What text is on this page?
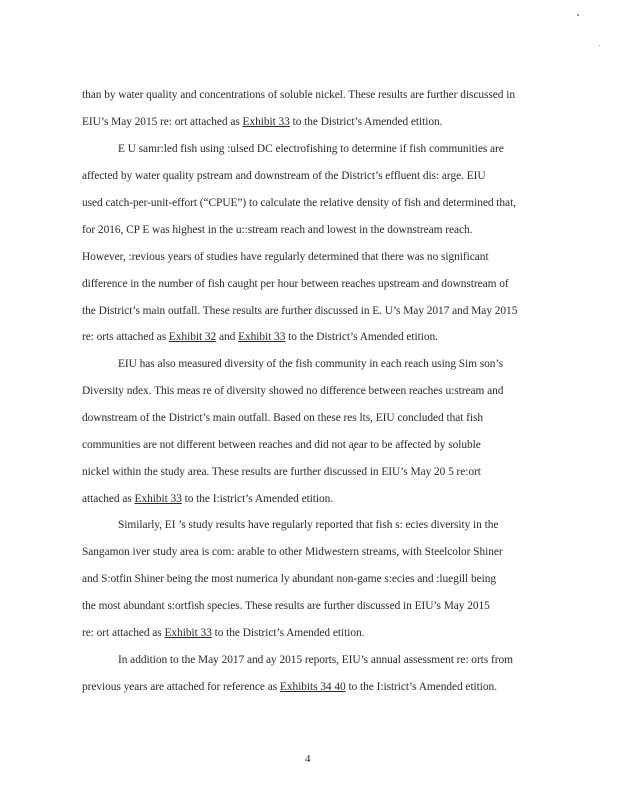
than by water quality and concentrations of soluble nickel. These results are further discussed in
EIU’s May 2015 re: ort attached as Exhibit 33 to the District’s Amended etition.
E U samr:led fish using :ulsed DC electrofishing to determine if fish communities are
affected by water quality pstream and downstream of the District’s effluent dis: arge. EIU
used catch-per-unit-effort (“CPUE”) to calculate the relative density of fish and determined that,
for 2016, CP E was highest in the u::stream reach and lowest in the downstream reach.
However, :revious years of studies have regularly determined that there was no significant
difference in the number of fish caught per hour between reaches upstream and downstream of
the District’s main outfall. These results are further discussed in E. U’s May 2017 and May 2015
re: orts attached as Exhibit 32 and Exhibit 33 to the District’s Amended etition.
EIU has also measured diversity of the fish community in each reach using Sim son’s
Diversity ndex. This meas re of diversity showed no difference between reaches u:stream and
downstream of the District’s main outfall. Based on these res lts, EIU concluded that fish
communities are not different between reaches and did not a̧̧ear to be affected by soluble
nickel within the study area. These results are further discussed in EIU’s May 20 5 re:ort
attached as Exhibit 33 to the I:istrict’s Amended etition.
Similarly, EI ’s study results have regularly reported that fish s: ecies diversity in the
Sangamon iver study area is com: arable to other Midwestern streams, with Steelcolor Shiner
and S:otfin Shiner being the most numerica ly abundant non-game s:ecies and :luegill being
the most abundant s:ortfish species. These results are further discussed in EIU’s May 2015
re: ort attached as Exhibit 33 to the District’s Amended etition.
In addition to the May 2017 and ay 2015 reports, EIU’s annual assessment re: orts from
previous years are attached for reference as Exhibits 34 40 to the I:istrict’s Amended etition.
4
